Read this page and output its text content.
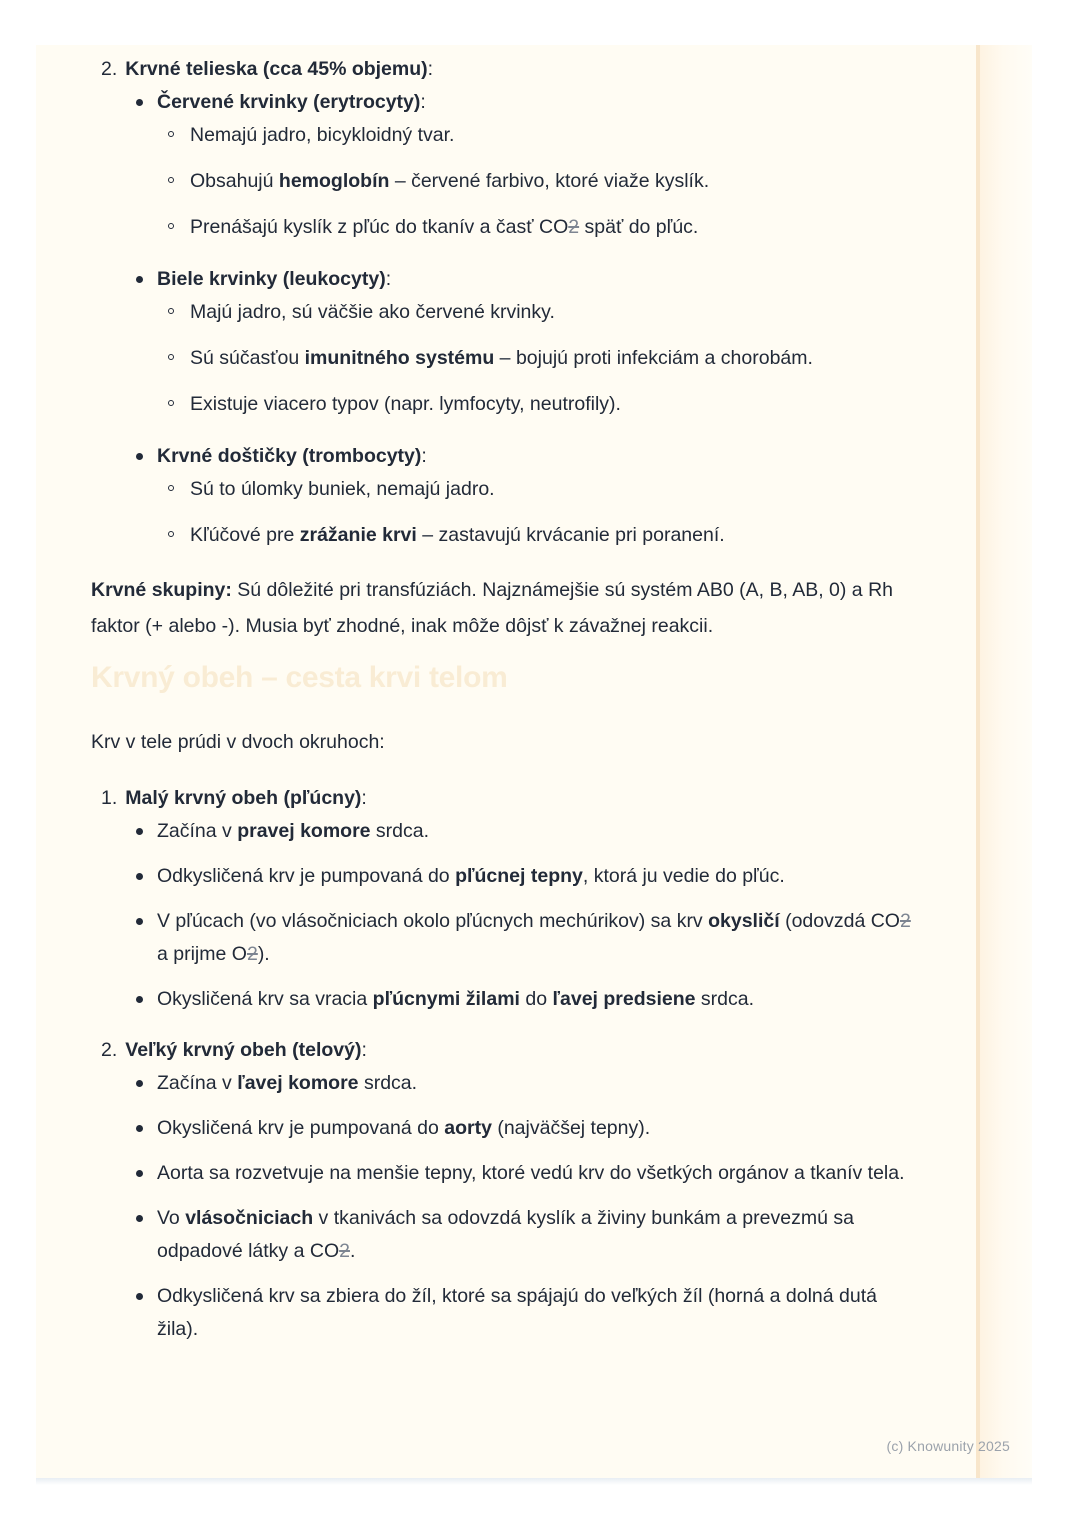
2. Krvné telieska (cca 45% objemu):
Červené krvinky (erytrocyty):
Nemajú jadro, bicykloidný tvar.
Obsahujú hemoglobín – červené farbivo, ktoré viaže kyslík.
Prenášajú kyslík z pľúc do tkanív a časť CO2 späť do pľúc.
Biele krvinky (leukocyty):
Majú jadro, sú väčšie ako červené krvinky.
Sú súčasťou imunitného systému – bojujú proti infekciám a chorobám.
Existuje viacero typov (napr. lymfocyty, neutrofily).
Krvné doštičky (trombocyty):
Sú to úlomky buniek, nemajú jadro.
Kľúčové pre zrážanie krvi – zastavujú krvácanie pri poranení.
Krvné skupiny: Sú dôležité pri transfúziách. Najznámejšie sú systém AB0 (A, B, AB, 0) a Rh faktor (+ alebo -). Musia byť zhodné, inak môže dôjsť k závažnej reakcii.
Krvný obeh – cesta krvi telom
Krv v tele prúdi v dvoch okruhoch:
1. Malý krvný obeh (pľúcny):
Začína v pravej komore srdca.
Odkysličená krv je pumpovaná do pľúcnej tepny, ktorá ju vedie do pľúc.
V pľúcach (vo vlásočniciach okolo pľúcnych mechúrikov) sa krv okysličí (odovzdá CO2 a prijme O2).
Okysličená krv sa vracia pľúcnymi žilami do ľavej predsiene srdca.
2. Veľký krvný obeh (telový):
Začína v ľavej komore srdca.
Okysličená krv je pumpovaná do aorty (najväčšej tepny).
Aorta sa rozvetvuje na menšie tepny, ktoré vedú krv do všetkých orgánov a tkanív tela.
Vo vlásočniciach v tkanivách sa odovzdá kyslík a živiny bunkám a prevezmú sa odpadové látky a CO2.
Odkysličená krv sa zbiera do žíl, ktoré sa spájajú do veľkých žíl (horná a dolná dutá žila).
(c) Knowunity 2025
